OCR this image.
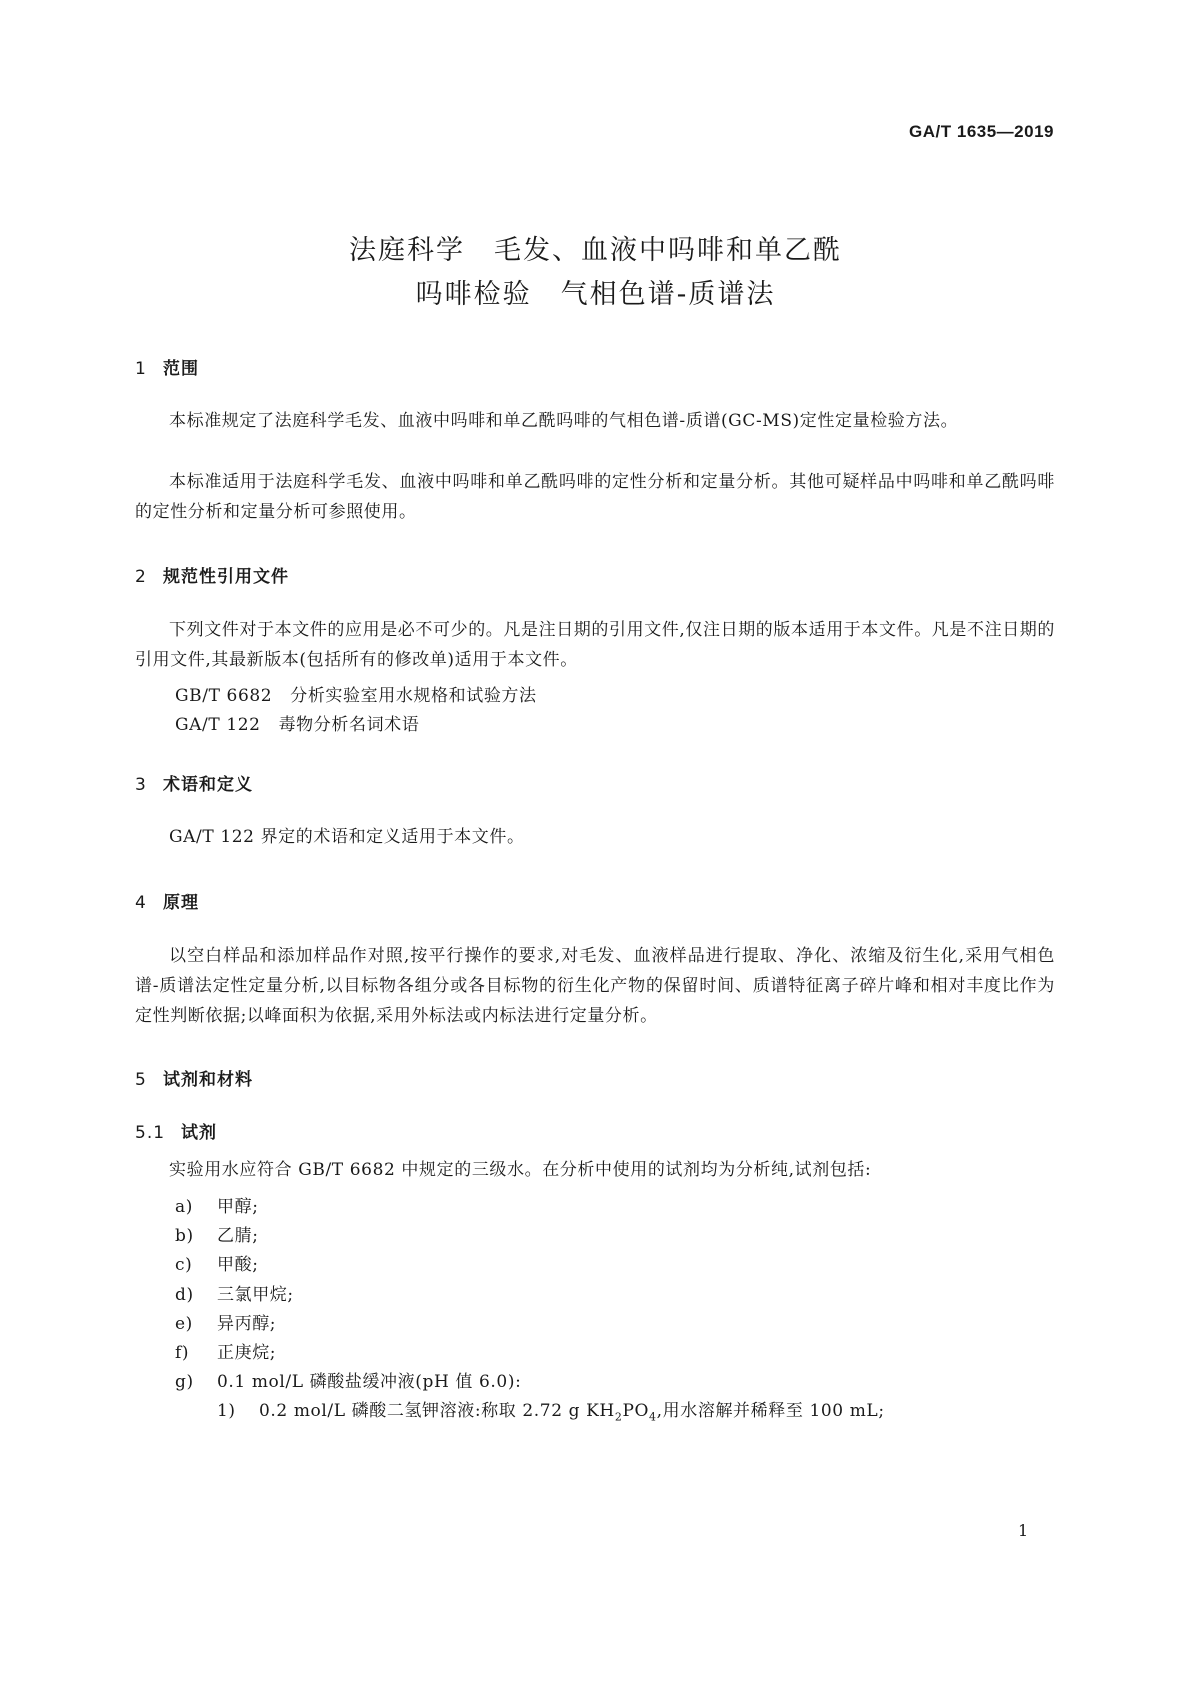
GA/T 1635—2019
法庭科学　毛发、血液中吗啡和单乙酰
吗啡检验　气相色谱-质谱法
1 范围
本标准规定了法庭科学毛发、血液中吗啡和单乙酰吗啡的气相色谱-质谱(GC-MS)定性定量检验方法。
本标准适用于法庭科学毛发、血液中吗啡和单乙酰吗啡的定性分析和定量分析。其他可疑样品中吗啡和单乙酰吗啡的定性分析和定量分析可参照使用。
2 规范性引用文件
下列文件对于本文件的应用是必不可少的。凡是注日期的引用文件,仅注日期的版本适用于本文件。凡是不注日期的引用文件,其最新版本(包括所有的修改单)适用于本文件。
GB/T 6682 分析实验室用水规格和试验方法
GA/T 122 毒物分析名词术语
3 术语和定义
GA/T 122 界定的术语和定义适用于本文件。
4 原理
以空白样品和添加样品作对照,按平行操作的要求,对毛发、血液样品进行提取、净化、浓缩及衍生化,采用气相色谱-质谱法定性定量分析,以目标物各组分或各目标物的衍生化产物的保留时间、质谱特征离子碎片峰和相对丰度比作为定性判断依据;以峰面积为依据,采用外标法或内标法进行定量分析。
5 试剂和材料
5.1 试剂
实验用水应符合 GB/T 6682 中规定的三级水。在分析中使用的试剂均为分析纯,试剂包括:
a) 甲醇;
b) 乙腈;
c) 甲酸;
d) 三氯甲烷;
e) 异丙醇;
f) 正庚烷;
g) 0.1 mol/L 磷酸盐缓冲液(pH 值 6.0):
1) 0.2 mol/L 磷酸二氢钾溶液:称取 2.72 g $KH_2PO_4$,用水溶解并稀释至 100 mL;
1
